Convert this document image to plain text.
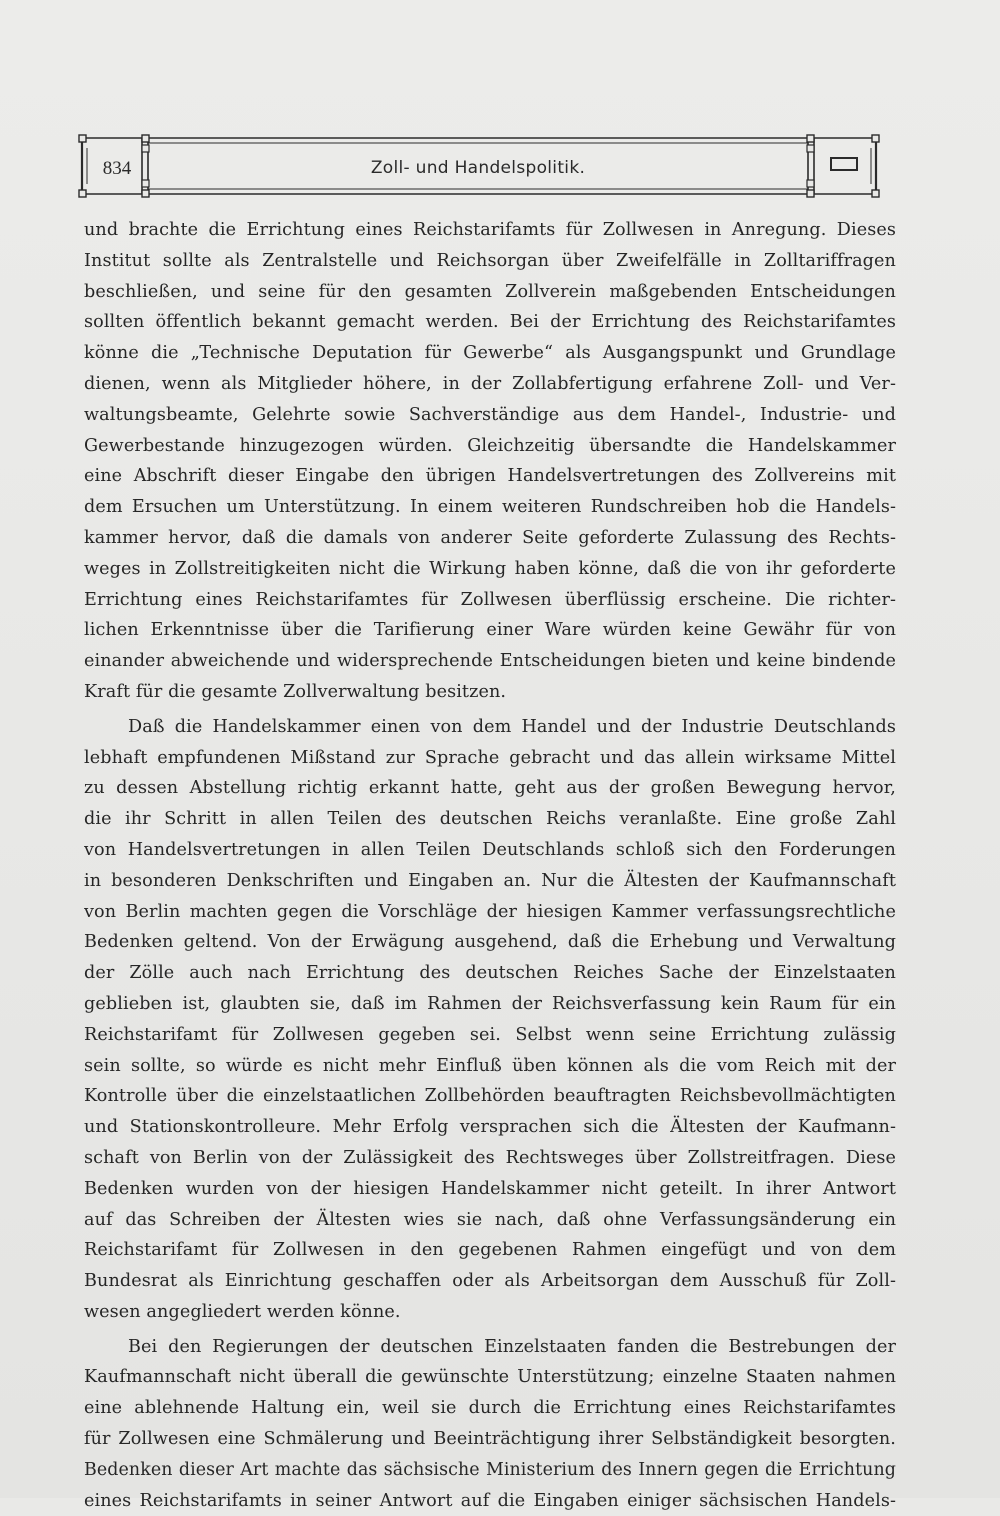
834	Zoll- und Handelspolitik.
und brachte die Errichtung eines Reichstarifamts für Zollwesen in Anregung. Dieses
Institut sollte als Zentralstelle und Reichsorgan über Zweifelfälle in Zolltariffragen
beschließen, und seine für den gesamten Zollverein maßgebenden Entscheidungen
sollten öffentlich bekannt gemacht werden. Bei der Errichtung des Reichstarifamtes
könne die „Technische Deputation für Gewerbe“ als Ausgangspunkt und Grundlage
dienen, wenn als Mitglieder höhere, in der Zollabfertigung erfahrene Zoll- und Ver-
waltungsbeamte, Gelehrte sowie Sachverständige aus dem Handel-, Industrie- und
Gewerbestande hinzugezogen würden. Gleichzeitig übersandte die Handelskammer
eine Abschrift dieser Eingabe den übrigen Handelsvertretungen des Zollvereins mit
dem Ersuchen um Unterstützung. In einem weiteren Rundschreiben hob die Handels-
kammer hervor, daß die damals von anderer Seite geforderte Zulassung des Rechts-
weges in Zollstreitigkeiten nicht die Wirkung haben könne, daß die von ihr geforderte
Errichtung eines Reichstarifamtes für Zollwesen überflüssig erscheine. Die richter-
lichen Erkenntnisse über die Tarifierung einer Ware würden keine Gewähr für von
einander abweichende und widersprechende Entscheidungen bieten und keine bindende
Kraft für die gesamte Zollverwaltung besitzen.
Daß die Handelskammer einen von dem Handel und der Industrie Deutschlands
lebhaft empfundenen Mißstand zur Sprache gebracht und das allein wirksame Mittel
zu dessen Abstellung richtig erkannt hatte, geht aus der großen Bewegung hervor,
die ihr Schritt in allen Teilen des deutschen Reichs veranlaßte. Eine große Zahl
von Handelsvertretungen in allen Teilen Deutschlands schloß sich den Forderungen
in besonderen Denkschriften und Eingaben an. Nur die Ältesten der Kaufmannschaft
von Berlin machten gegen die Vorschläge der hiesigen Kammer verfassungsrechtliche
Bedenken geltend. Von der Erwägung ausgehend, daß die Erhebung und Verwaltung
der Zölle auch nach Errichtung des deutschen Reiches Sache der Einzelstaaten
geblieben ist, glaubten sie, daß im Rahmen der Reichsverfassung kein Raum für ein
Reichstarifamt für Zollwesen gegeben sei. Selbst wenn seine Errichtung zulässig
sein sollte, so würde es nicht mehr Einfluß üben können als die vom Reich mit der
Kontrolle über die einzelstaatlichen Zollbehörden beauftragten Reichsbevollmächtigten
und Stationskontrolleure. Mehr Erfolg versprachen sich die Ältesten der Kaufmann-
schaft von Berlin von der Zulässigkeit des Rechtsweges über Zollstreitfragen. Diese
Bedenken wurden von der hiesigen Handelskammer nicht geteilt. In ihrer Antwort
auf das Schreiben der Ältesten wies sie nach, daß ohne Verfassungsänderung ein
Reichstarifamt für Zollwesen in den gegebenen Rahmen eingefügt und von dem
Bundesrat als Einrichtung geschaffen oder als Arbeitsorgan dem Ausschuß für Zoll-
wesen angegliedert werden könne.
Bei den Regierungen der deutschen Einzelstaaten fanden die Bestrebungen der
Kaufmannschaft nicht überall die gewünschte Unterstützung; einzelne Staaten nahmen
eine ablehnende Haltung ein, weil sie durch die Errichtung eines Reichstarifamtes
für Zollwesen eine Schmälerung und Beeinträchtigung ihrer Selbständigkeit besorgten.
Bedenken dieser Art machte das sächsische Ministerium des Innern gegen die Errichtung
eines Reichstarifamts in seiner Antwort auf die Eingaben einiger sächsischen Handels-
